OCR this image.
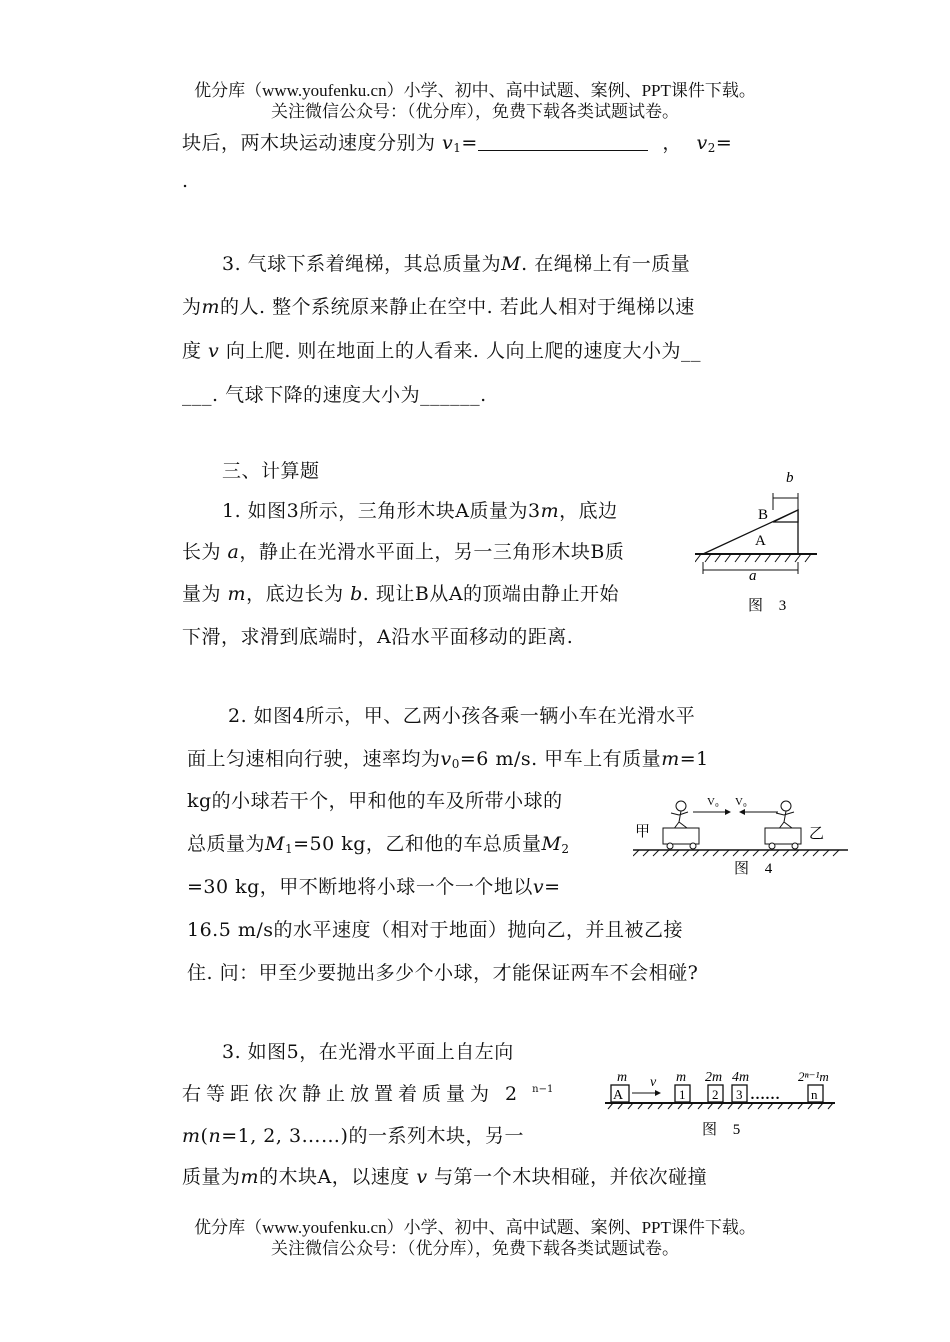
优分库（www.youfenku.cn）小学、初中、高中试题、案例、PPT课件下载。
关注微信公众号：（优分库），免费下载各类试题试卷。
块后，两木块运动速度分别为 $v_1=$	， $v_2=$
.
3. 气球下系着绳梯，其总质量为M. 在绳梯上有一质量
为m的人. 整个系统原来静止在空中. 若此人相对于绳梯以速
度 v 向上爬. 则在地面上的人看来. 人向上爬的速度大小为__
___. 气球下降的速度大小为______.
三、计算题
1. 如图3所示，三角形木块A质量为3m，底边
长为 a，静止在光滑水平面上，另一三角形木块B质
量为 m，底边长为 b. 现让B从A的顶端由静止开始
下滑，求滑到底端时，A沿水平面移动的距离.
b
B
A
a
图 3
2. 如图4所示，甲、乙两小孩各乘一辆小车在光滑水平
面上匀速相向行驶，速率均为$v_0=6$ m/s. 甲车上有质量m=1
kg的小球若干个，甲和他的车及所带小球的
总质量为$M_1=50$ kg，乙和他的车总质量$M_2$
=30 kg，甲不断地将小球一个一个地以v=
16.5 m/s的水平速度（相对于地面）抛向乙，并且被乙接
住. 问：甲至少要抛出多少个小球，才能保证两车不会相碰?
甲
V₀
乙
V₀
图 4
3. 如图5，在光滑水平面上自左向
右等距依次静止放置着质量为 2 $^{n-1}$
m(n=1, 2, 3……)的一系列木块，另一
质量为m的木块A，以速度 v 与第一个木块相碰，并依次碰撞
m v
A
m
1
2m
2
4m
3 ……
2ⁿ⁻¹m
n
图 5
优分库（www.youfenku.cn）小学、初中、高中试题、案例、PPT课件下载。
关注微信公众号：（优分库），免费下载各类试题试卷。
